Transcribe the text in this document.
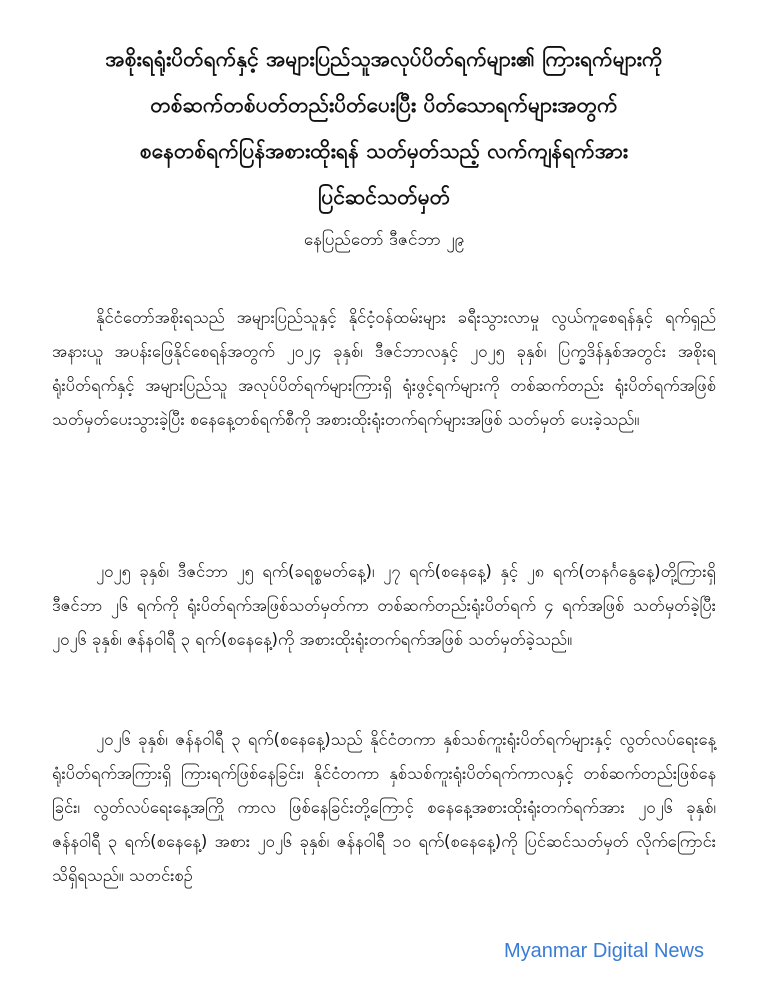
အစိုးရရုံးပိတ်ရက်နှင့် အများပြည်သူအလုပ်ပိတ်ရက်များ၏ ကြားရက်များကို
တစ်ဆက်တစ်ပတ်တည်းပိတ်ပေးပြီး ပိတ်သောရက်များအတွက်
စနေတစ်ရက်ပြန်အစားထိုးရန် သတ်မှတ်သည့် လက်ကျန်ရက်အား
ပြင်ဆင်သတ်မှတ်
နေပြည်တော် ဒီဇင်ဘာ ၂၉

နိုင်ငံတော်အစိုးရသည် အများပြည်သူနှင့် နိုင်ငံ့ဝန်ထမ်းများ ခရီးသွားလာမှု လွယ်ကူစေရန်နှင့် ရက်ရှည်အနားယူ အပန်းဖြေနိုင်စေရန်အတွက် ၂၀၂၄ ခုနှစ်၊ ဒီဇင်ဘာလနှင့် ၂၀၂၅ ခုနှစ်၊ ပြက္ခဒိန်နှစ်အတွင်း အစိုးရရုံးပိတ်ရက်နှင့် အများပြည်သူ အလုပ်ပိတ်ရက်များကြားရှိ ရုံးဖွင့်ရက်များကို တစ်ဆက်တည်း ရုံးပိတ်ရက်အဖြစ် သတ်မှတ်ပေးသွားခဲ့ပြီး စနေနေ့တစ်ရက်စီကို အစားထိုးရုံးတက်ရက်များအဖြစ် သတ်မှတ် ပေးခဲ့သည်။

၂၀၂၅ ခုနှစ်၊ ဒီဇင်ဘာ ၂၅ ရက်(ခရစ္စမတ်နေ့)၊ ၂၇ ရက်(စနေနေ့) နှင့် ၂၈ ရက်(တနင်္ဂနွေနေ့)တို့ကြားရှိ ဒီဇင်ဘာ ၂၆ ရက်ကို ရုံးပိတ်ရက်အဖြစ်သတ်မှတ်ကာ တစ်ဆက်တည်းရုံးပိတ်ရက် ၄ ရက်အဖြစ် သတ်မှတ်ခဲ့ပြီး ၂၀၂၆ ခုနှစ်၊ ဇန်နဝါရီ ၃ ရက်(စနေနေ့)ကို အစားထိုးရုံးတက်ရက်အဖြစ် သတ်မှတ်ခဲ့သည်။

၂၀၂၆ ခုနှစ်၊ ဇန်နဝါရီ ၃ ရက်(စနေနေ့)သည် နိုင်ငံတကာ နှစ်သစ်ကူးရုံးပိတ်ရက်များနှင့် လွတ်လပ်ရေးနေ့ရုံးပိတ်ရက်အကြားရှိ ကြားရက်ဖြစ်နေခြင်း၊ နိုင်ငံတကာ နှစ်သစ်ကူးရုံးပိတ်ရက်ကာလနှင့် တစ်ဆက်တည်းဖြစ်နေခြင်း၊ လွတ်လပ်ရေးနေ့အကြို ကာလ ဖြစ်နေခြင်းတို့ကြောင့် စနေနေ့အစားထိုးရုံးတက်ရက်အား ၂၀၂၆ ခုနှစ်၊ ဇန်နဝါရီ ၃ ရက်(စနေနေ့) အစား ၂၀၂၆ ခုနှစ်၊ ဇန်နဝါရီ ၁၀ ရက်(စနေနေ့)ကို ပြင်ဆင်သတ်မှတ် လိုက်ကြောင်း သိရှိရသည်။ သတင်းစဉ်

Myanmar Digital News
